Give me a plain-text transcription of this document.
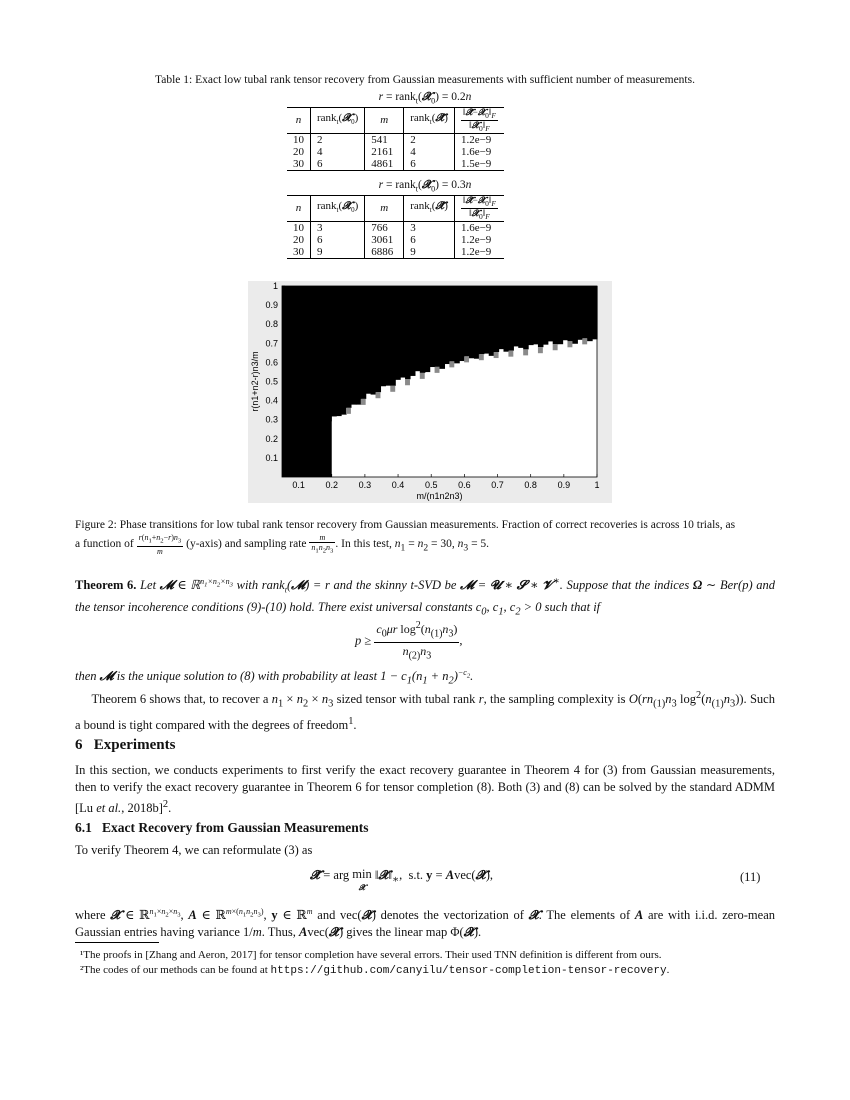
Table 1: Exact low tubal rank tensor recovery from Gaussian measurements with sufficient number of measurements.
r = rank$_t$(𝓧$_0$) = 0.2n
n	rank$_t$(𝓧$_0$)	m	rank$_t$(𝓧̂)	$\frac{‖𝓧̂-𝓧_0‖_F}{‖𝓧_0‖_F}$

10	2	541	2	1.2e−9
20	4	2161	4	1.6e−9
30	6	4861	6	1.5e−9
r = rank$_t$(𝓧$_0$) = 0.3n
n	rank$_t$(𝓧$_0$)	m	rank$_t$(𝓧̂)	$\frac{‖𝓧̂-𝓧_0‖_F}{‖𝓧_0‖_F}$

10	3	766	3	1.6e−9
20	6	3061	6	1.2e−9
30	9	6886	9	1.2e−9
0.1 0.2 0.3 0.4 0.5 0.6 0.7 0.8 0.9	1
0.1
0.2
0.3
0.4
0.5
0.6
0.7
0.8
0.9
1
m/(n1n2n3)
r(n1+n2-r)n3/m
Figure 2: Phase transitions for low tubal rank tensor recovery from Gaussian measurements. Fraction of correct recoveries is across 10 trials, as
a function of $\frac{r(n_1+n_2-r)n_3}{m}$ (y-axis) and sampling rate $\frac{m}{n_1n_2n_3}$ . In this test, $n_1 = n_2 = 30$, $n_3 = 5$.
Theorem 6. Let 𝓜 ∈ ℝ$^{n_1\times n_2\times n_3}$ with rank$_t$(𝓜) = r and the skinny t-SVD be 𝓜 = 𝓤 ∗ 𝓢 ∗ 𝓥∗. Suppose that the indices Ω ∼ Ber(p) and the tensor incoherence conditions (9)-(10) hold. There exist universal constants $c_0$, $c_1$, $c_2 > 0$ such that if
$p \ge \frac{c_0\mu r \log^2(n_{(1)}n_3)}{n_{(2)}n_3}$ ,
then 𝓜 is the unique solution to (8) with probability at least $1 - c_1(n_1 + n_2)^{-c_2}$.
Theorem 6 shows that, to recover a $n_1 \times n_2 \times n_3$ sized tensor with tubal rank r, the sampling complexity is $O(rn_{(1)}n_3$ $\log^2(n_{(1)}n_3)$). Such a bound is tight compared with the degrees of freedom$^1$.
6 Experiments
In this section, we conducts experiments to first verify the exact recovery guarantee in Theorem 4 for (3) from Gaussian measurements, then to verify the exact recovery guarantee in Theorem 6 for tensor completion (8). Both (3) and (8) can be solved by the standard ADMM [Lu et al., 2018b]$^2$.
6.1 Exact Recovery from Gaussian Measurements
To verify Theorem 4, we can reformulate (3) as
𝓧̂ = arg min
𝓧 $‖𝓧‖_∗$,  s.t. y = Avec(𝓧),	(11)
where 𝓧 ∈ ℝ$^{n_1\times n_2\times n_3}$, A ∈ ℝ$^{m\times(n_1n_2n_3)}$, y ∈ ℝ$^m$ and vec(𝓧) denotes the vectorization of 𝓧. The elements of A are with i.i.d. zero-mean Gaussian entries having variance 1/m. Thus, Avec(𝓧) gives the linear map Φ(𝓧).
¹The proofs in [Zhang and Aeron, 2017] for tensor completion have several errors. Their used TNN definition is different from ours.
²The codes of our methods can be found at https://github.com/canyilu/tensor-completion-tensor-recovery.
